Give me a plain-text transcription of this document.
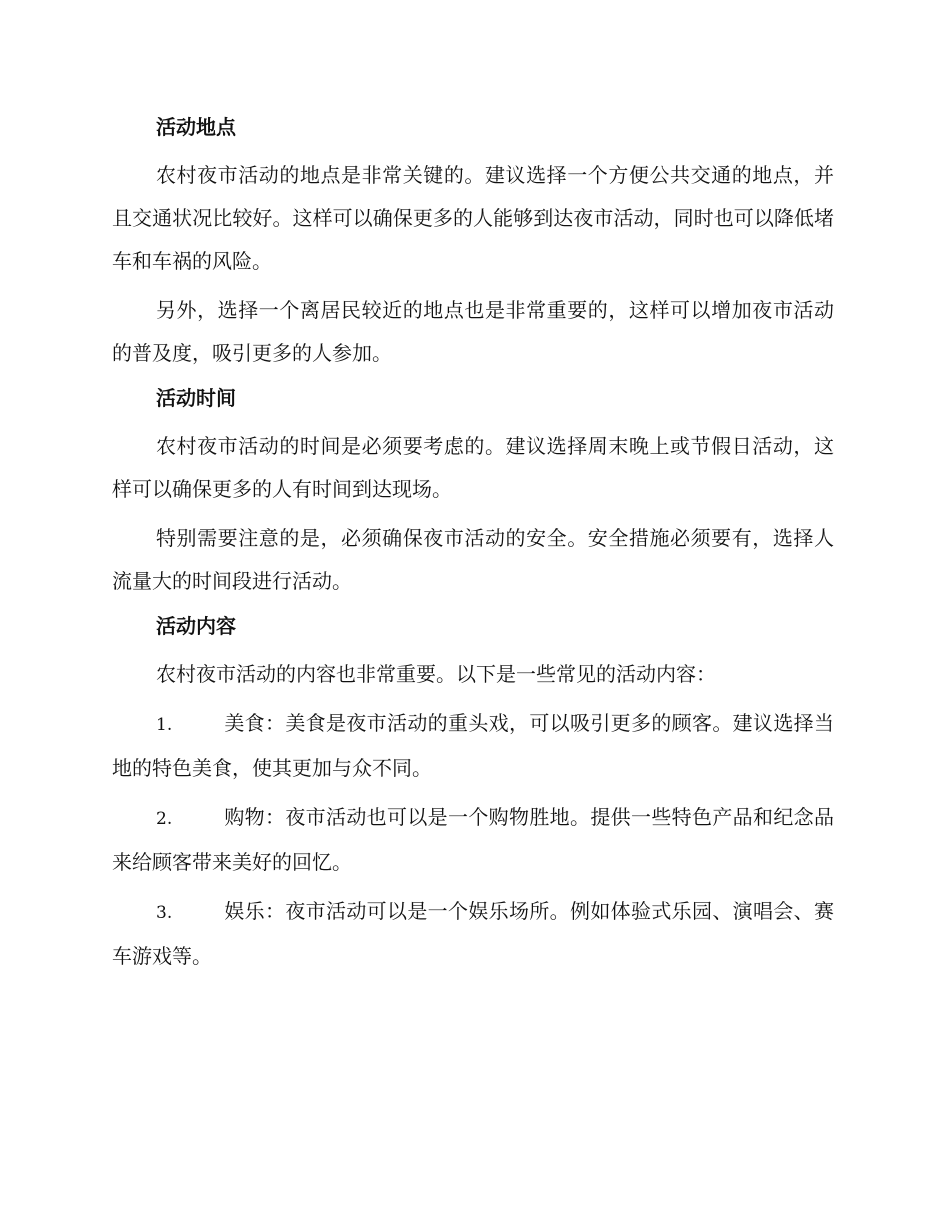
活动地点

农村夜市活动的地点是非常关键的。建议选择一个方便公共交通的地点，并且交通状况比较好。这样可以确保更多的人能够到达夜市活动，同时也可以降低堵车和车祸的风险。

另外，选择一个离居民较近的地点也是非常重要的，这样可以增加夜市活动的普及度，吸引更多的人参加。

活动时间

农村夜市活动的时间是必须要考虑的。建议选择周末晚上或节假日活动，这样可以确保更多的人有时间到达现场。

特别需要注意的是，必须确保夜市活动的安全。安全措施必须要有，选择人流量大的时间段进行活动。

活动内容

农村夜市活动的内容也非常重要。以下是一些常见的活动内容：

1.	美食：美食是夜市活动的重头戏，可以吸引更多的顾客。建议选择当地的特色美食，使其更加与众不同。

2.	购物：夜市活动也可以是一个购物胜地。提供一些特色产品和纪念品来给顾客带来美好的回忆。

3.	娱乐：夜市活动可以是一个娱乐场所。例如体验式乐园、演唱会、赛车游戏等。
